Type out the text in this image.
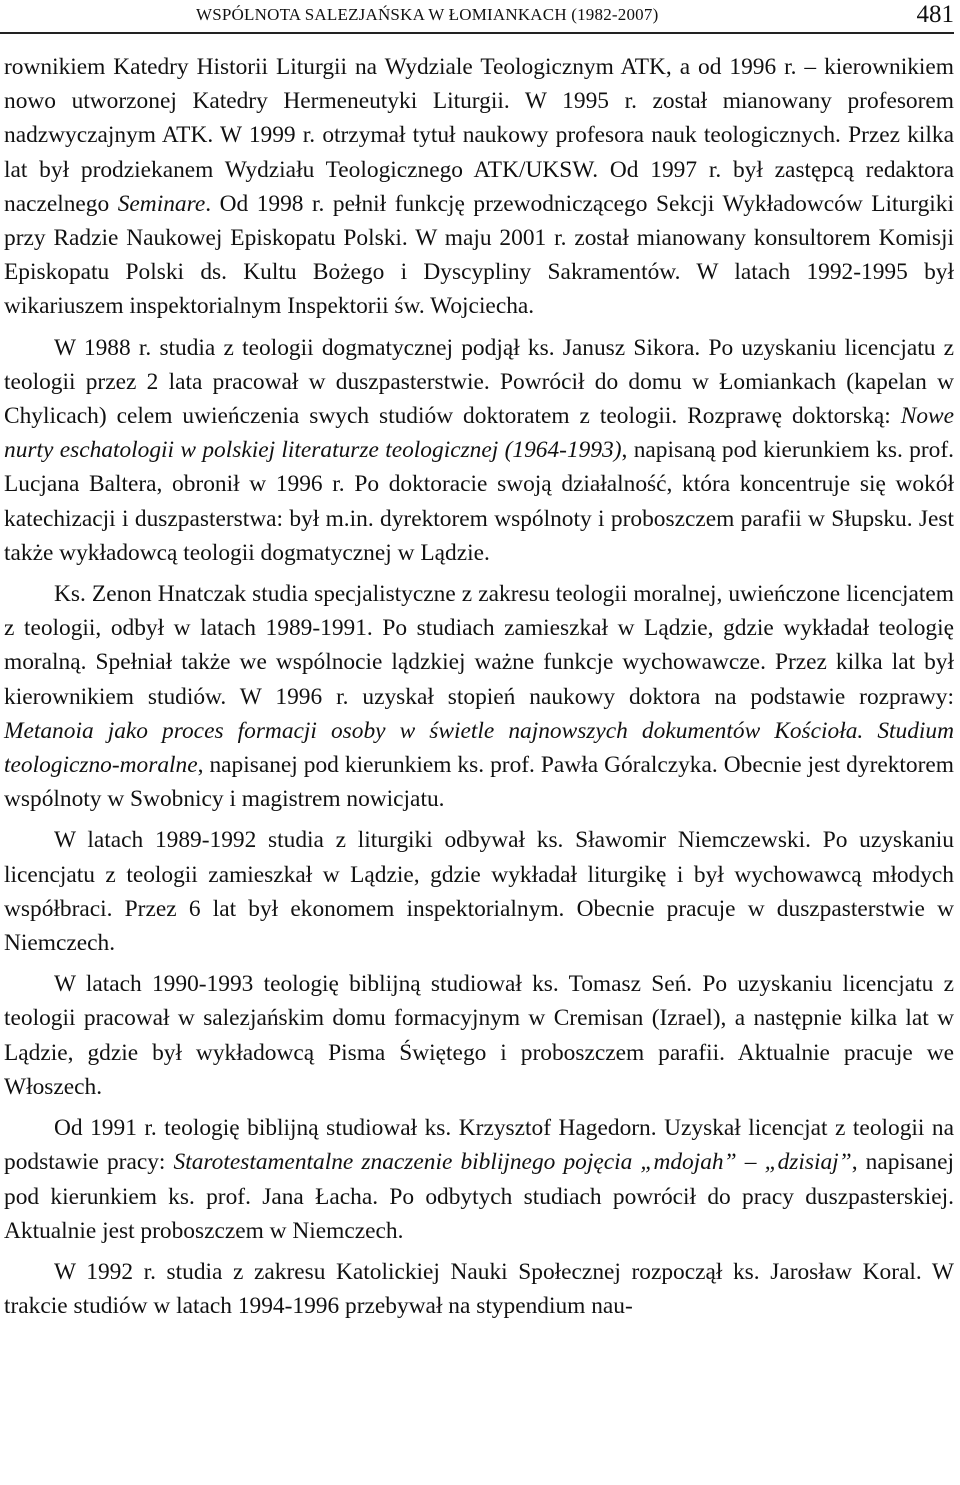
WSPÓLNOTA SALEZJAŃSKA W ŁOMIANKACH (1982-2007)	481

rownikiem Katedry Historii Liturgii na Wydziale Teologicznym ATK, a od 1996 r. – kierownikiem nowo utworzonej Katedry Hermeneutyki Liturgii. W 1995 r. został mianowany profesorem nadzwyczajnym ATK. W 1999 r. otrzymał tytuł naukowy profesora nauk teologicznych. Przez kilka lat był prodziekanem Wydziału Teologicznego ATK/UKSW. Od 1997 r. był zastępcą redaktora naczelnego Seminare. Od 1998 r. pełnił funkcję przewodniczącego Sekcji Wykładowców Liturgiki przy Radzie Naukowej Episkopatu Polski. W maju 2001 r. został mianowany konsultorem Komisji Episkopatu Polski ds. Kultu Bożego i Dyscypliny Sakramentów. W latach 1992-1995 był wikariuszem inspektorialnym Inspektorii św. Wojciecha.

W 1988 r. studia z teologii dogmatycznej podjął ks. Janusz Sikora. Po uzyskaniu licencjatu z teologii przez 2 lata pracował w duszpasterstwie. Powrócił do domu w Łomiankach (kapelan w Chylicach) celem uwieńczenia swych studiów doktoratem z teologii. Rozprawę doktorską: Nowe nurty eschatologii w polskiej literaturze teologicznej (1964-1993), napisaną pod kierunkiem ks. prof. Lucjana Baltera, obronił w 1996 r. Po doktoracie swoją działalność, która koncentruje się wokół katechizacji i duszpasterstwa: był m.in. dyrektorem wspólnoty i proboszczem parafii w Słupsku. Jest także wykładowcą teologii dogmatycznej w Lądzie.

Ks. Zenon Hnatczak studia specjalistyczne z zakresu teologii moralnej, uwieńczone licencjatem z teologii, odbył w latach 1989-1991. Po studiach zamieszkał w Lądzie, gdzie wykładał teologię moralną. Spełniał także we wspólnocie lądzkiej ważne funkcje wychowawcze. Przez kilka lat był kierownikiem studiów. W 1996 r. uzyskał stopień naukowy doktora na podstawie rozprawy: Metanoia jako proces formacji osoby w świetle najnowszych dokumentów Kościoła. Studium teologiczno-moralne, napisanej pod kierunkiem ks. prof. Pawła Góralczyka. Obecnie jest dyrektorem wspólnoty w Swobnicy i magistrem nowicjatu.

W latach 1989-1992 studia z liturgiki odbywał ks. Sławomir Niemczewski. Po uzyskaniu licencjatu z teologii zamieszkał w Lądzie, gdzie wykładał liturgikę i był wychowawcą młodych współbraci. Przez 6 lat był ekonomem inspektorialnym. Obecnie pracuje w duszpasterstwie w Niemczech.

W latach 1990-1993 teologię biblijną studiował ks. Tomasz Seń. Po uzyskaniu licencjatu z teologii pracował w salezjańskim domu formacyjnym w Cremisan (Izrael), a następnie kilka lat w Lądzie, gdzie był wykładowcą Pisma Świętego i proboszczem parafii. Aktualnie pracuje we Włoszech.

Od 1991 r. teologię biblijną studiował ks. Krzysztof Hagedorn. Uzyskał licencjat z teologii na podstawie pracy: Starotestamentalne znaczenie biblijnego pojęcia „mdojah” – „dzisiaj”, napisanej pod kierunkiem ks. prof. Jana Łacha. Po odbytych studiach powrócił do pracy duszpasterskiej. Aktualnie jest proboszczem w Niemczech.

W 1992 r. studia z zakresu Katolickiej Nauki Społecznej rozpoczął ks. Jarosław Koral. W trakcie studiów w latach 1994-1996 przebywał na stypendium nau-
